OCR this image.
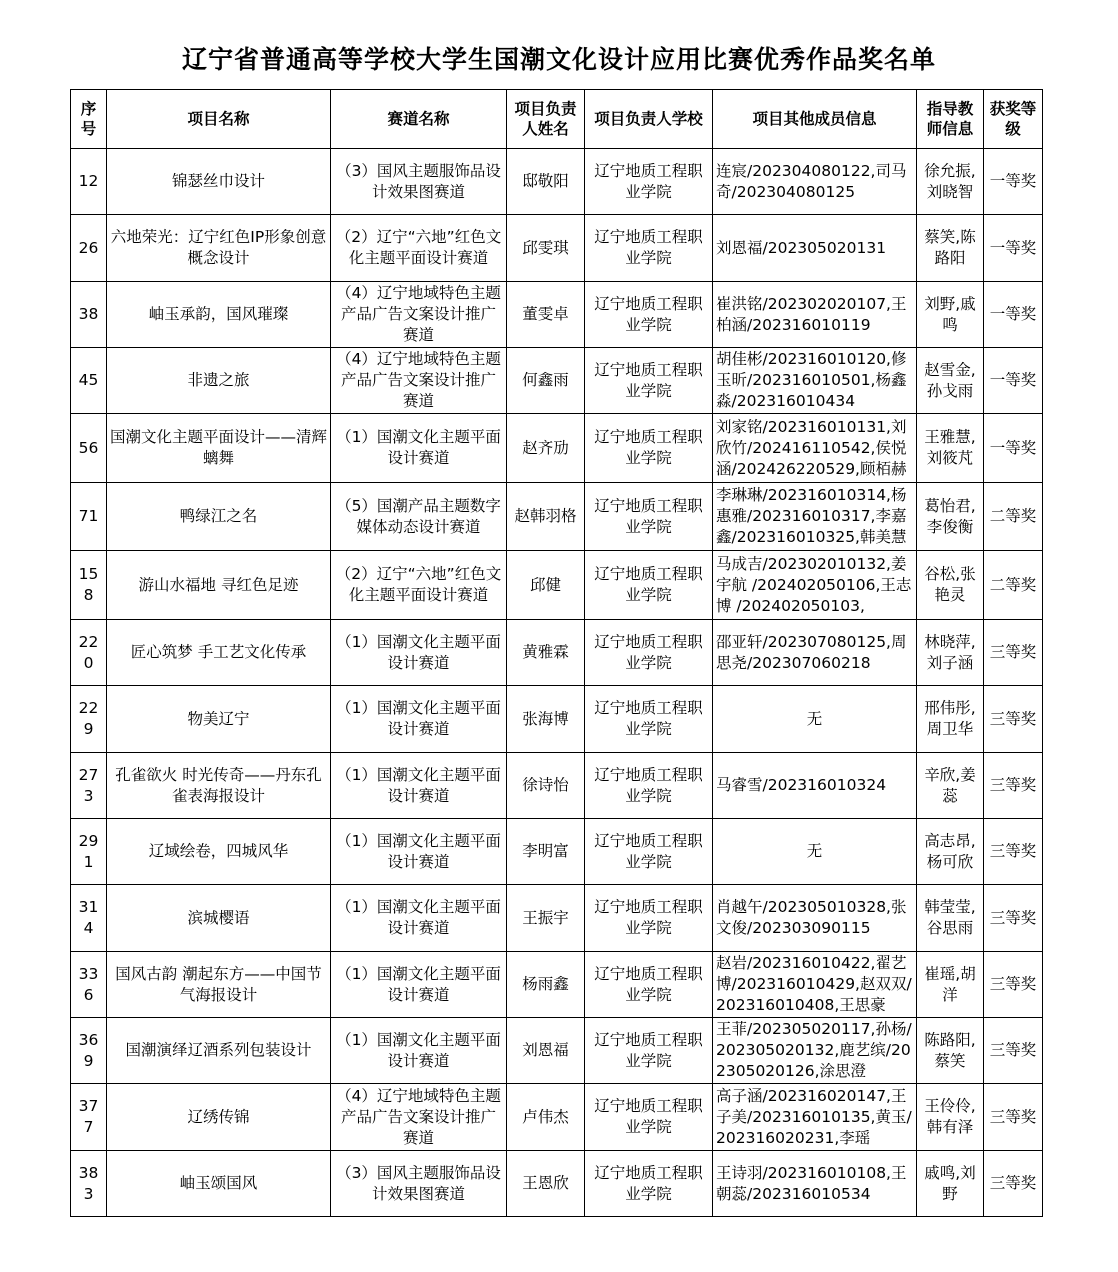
辽宁省普通高等学校大学生国潮文化设计应用比赛优秀作品奖名单
序号	项目名称	赛道名称	项目负责人姓名	项目负责人学校	项目其他成员信息	指导教师信息	获奖等级

12	锦瑟丝巾设计	（3）国风主题服饰品设计效果图赛道	邸敬阳	辽宁地质工程职业学院	连宸/202304080122,司马奇/202304080125	徐允振,刘晓智	一等奖

26	六地荣光：辽宁红色IP形象创意概念设计	（2）辽宁“六地”红色文化主题平面设计赛道	邱雯琪	辽宁地质工程职业学院	刘恩福/202305020131	蔡笑,陈路阳	一等奖

38	岫玉承韵，国风璀璨	（4）辽宁地域特色主题产品广告文案设计推广赛道	董雯卓	辽宁地质工程职业学院	崔洪铭/202302020107,王柏涵/202316010119	刘野,戚鸣	一等奖

45	非遗之旅	（4）辽宁地域特色主题产品广告文案设计推广赛道	何鑫雨	辽宁地质工程职业学院	胡佳彬/202316010120,修玉昕/202316010501,杨鑫淼/202316010434	赵雪金,孙戈雨	一等奖

56	国潮文化主题平面设计——清辉螭舞	（1）国潮文化主题平面设计赛道	赵齐劢	辽宁地质工程职业学院	刘家铭/202316010131,刘欣竹/202416110542,侯悦涵/202426220529,顾栢赫	王雅慧,刘筱芃	一等奖

71	鸭绿江之名	（5）国潮产品主题数字媒体动态设计赛道	赵韩羽格	辽宁地质工程职业学院	李琳琳/202316010314,杨惠雅/202316010317,李嘉鑫/202316010325,韩美慧	葛怡君,李俊衡	二等奖

158	游山水福地 寻红色足迹	（2）辽宁“六地”红色文化主题平面设计赛道	邱健	辽宁地质工程职业学院	马成吉/202302010132,姜宇航 /202402050106,王志博 /202402050103,	谷松,张艳灵	二等奖

220	匠心筑梦 手工艺文化传承	（1）国潮文化主题平面设计赛道	黄雅霖	辽宁地质工程职业学院	邵亚轩/202307080125,周思尧/202307060218	林晓萍,刘子涵	三等奖

229	物美辽宁	（1）国潮文化主题平面设计赛道	张海博	辽宁地质工程职业学院	无	邢伟彤,周卫华	三等奖

273	孔雀欲火 时光传奇——丹东孔雀表海报设计	（1）国潮文化主题平面设计赛道	徐诗怡	辽宁地质工程职业学院	马睿雪/202316010324	辛欣,姜蕊	三等奖

291	辽域绘卷，四城风华	（1）国潮文化主题平面设计赛道	李明富	辽宁地质工程职业学院	无	高志昂,杨可欣	三等奖

314	滨城樱语	（1）国潮文化主题平面设计赛道	王振宇	辽宁地质工程职业学院	肖越午/202305010328,张文俊/202303090115	韩莹莹,谷思雨	三等奖

336	国风古韵 潮起东方——中国节气海报设计	（1）国潮文化主题平面设计赛道	杨雨鑫	辽宁地质工程职业学院	赵岩/202316010422,翟艺博/202316010429,赵双双/202316010408,王思豪	崔瑶,胡洋	三等奖

369	国潮演绎辽酒系列包装设计	（1）国潮文化主题平面设计赛道	刘恩福	辽宁地质工程职业学院	王菲/202305020117,孙杨/202305020132,鹿艺缤/202305020126,涂思澄	陈路阳,蔡笑	三等奖

377	辽绣传锦	（4）辽宁地域特色主题产品广告文案设计推广赛道	卢伟杰	辽宁地质工程职业学院	高子涵/202316020147,王子美/202316010135,黄玉/202316020231,李瑶	王伶伶,韩有泽	三等奖

383	岫玉颂国风	（3）国风主题服饰品设计效果图赛道	王恩欣	辽宁地质工程职业学院	王诗羽/202316010108,王朝蕊/202316010534	戚鸣,刘野	三等奖
